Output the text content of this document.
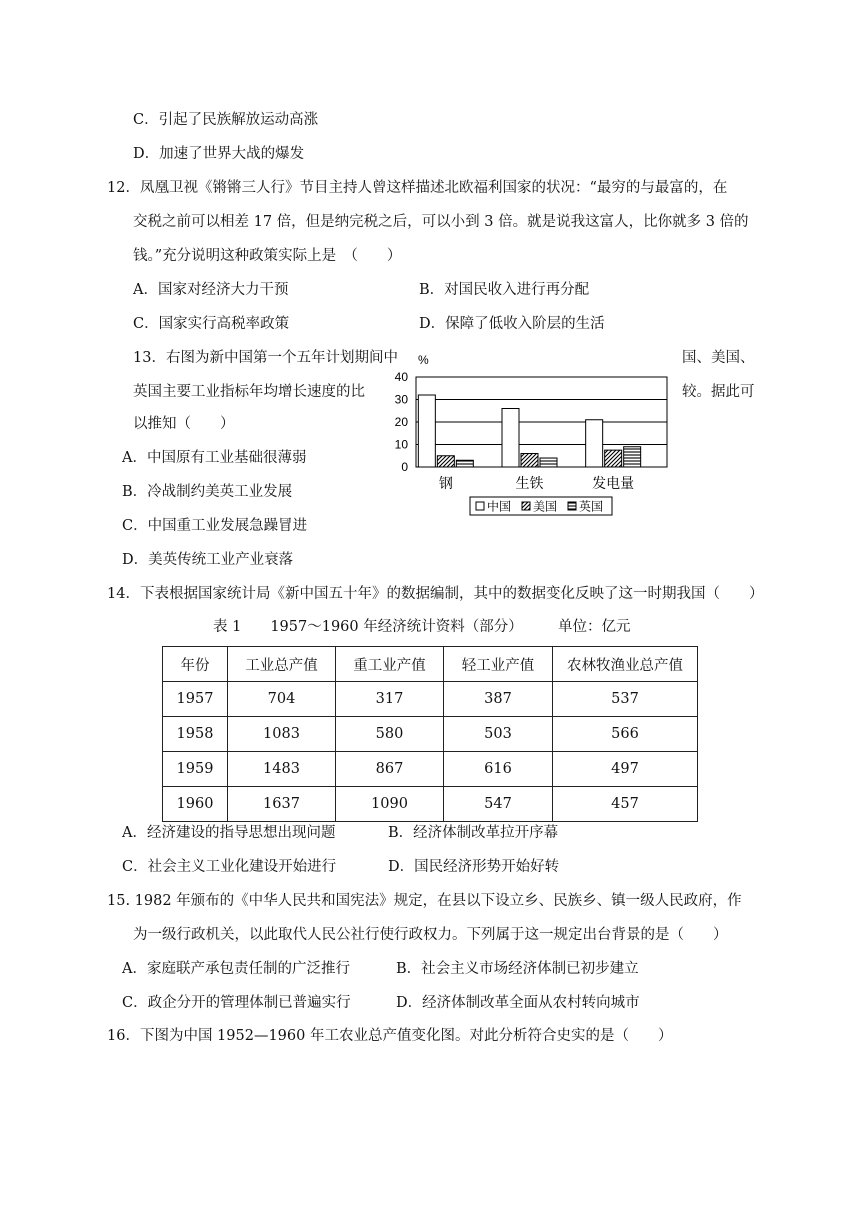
C．引起了民族解放运动高涨
D．加速了世界大战的爆发
12．凤凰卫视《锵锵三人行》节目主持人曾这样描述北欧福利国家的状况：“最穷的与最富的，在
交税之前可以相差 17 倍，但是纳完税之后，可以小到 3 倍。就是说我这富人，比你就多 3 倍的
钱。”充分说明这种政策实际上是　（　　）
A．国家对经济大力干预	B．对国民收入进行再分配
C．国家实行高税率政策	D．保障了低收入阶层的生活
13．右图为新中国第一个五年计划期间中	国、美国、
英国主要工业指标年均增长速度的比	较。据此可
以推知（　　）
A．中国原有工业基础很薄弱
B．冷战制约美英工业发展
C．中国重工业发展急躁冒进
D．美英传统工业产业衰落
%
0
10
20
30
40
钢	生铁	发电量
中国 美国 英国
14．下表根据国家统计局《新中国五十年》的数据编制，其中的数据变化反映了这一时期我国（　　）
表 1　　1957～1960 年经济统计资料（部分） 单位：亿元
年份	工业总产值	重工业产值	轻工业产值	农林牧渔业总产值
1957	704	317	387	537
1958	1083	580	503	566
1959	1483	867	616	497
1960	1637	1090	547	457
A．经济建设的指导思想出现问题	B．经济体制改革拉开序幕
C．社会主义工业化建设开始进行	D．国民经济形势开始好转
15. 1982 年颁布的《中华人民共和国宪法》规定，在县以下设立乡、民族乡、镇一级人民政府，作
为一级行政机关，以此取代人民公社行使行政权力。下列属于这一规定出台背景的是（　　）
A．家庭联产承包责任制的广泛推行	B．社会主义市场经济体制已初步建立
C．政企分开的管理体制已普遍实行	D．经济体制改革全面从农村转向城市
16．下图为中国 1952—1960 年工农业总产值变化图。对此分析符合史实的是（　　）
